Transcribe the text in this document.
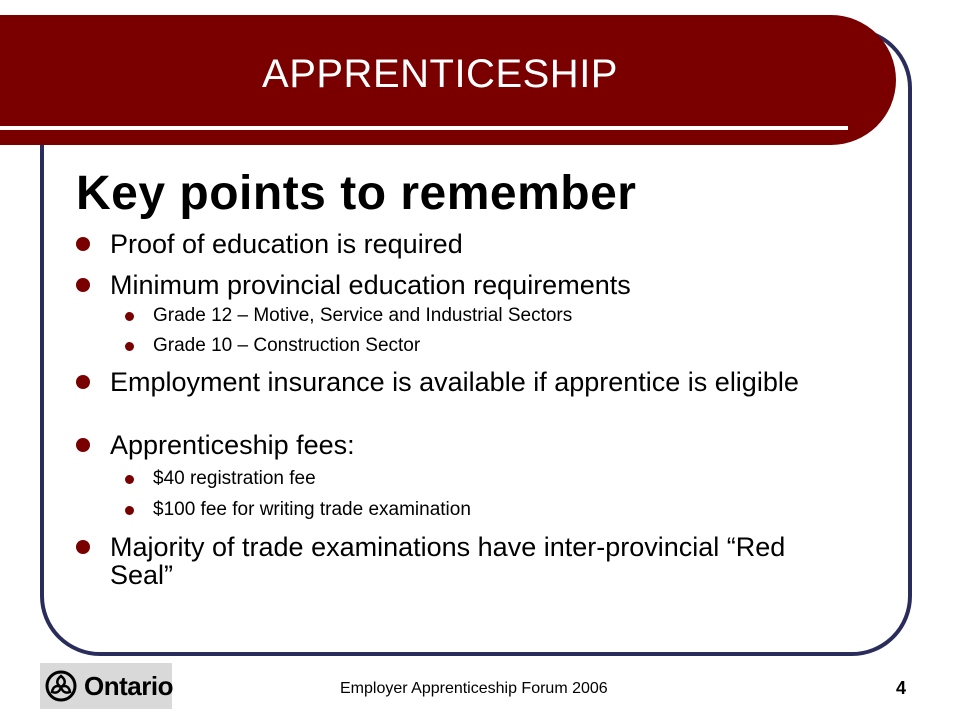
APPRENTICESHIP
Key points to remember
Proof of education is required
Minimum provincial education requirements
Grade 12 – Motive, Service and Industrial Sectors
Grade 10 – Construction Sector
Employment insurance is available if apprentice is eligible
Apprenticeship fees:
$40 registration fee
$100 fee for writing trade examination
Majority of trade examinations have inter-provincial “Red Seal”
Ontario	Employer Apprenticeship Forum 2006	4
